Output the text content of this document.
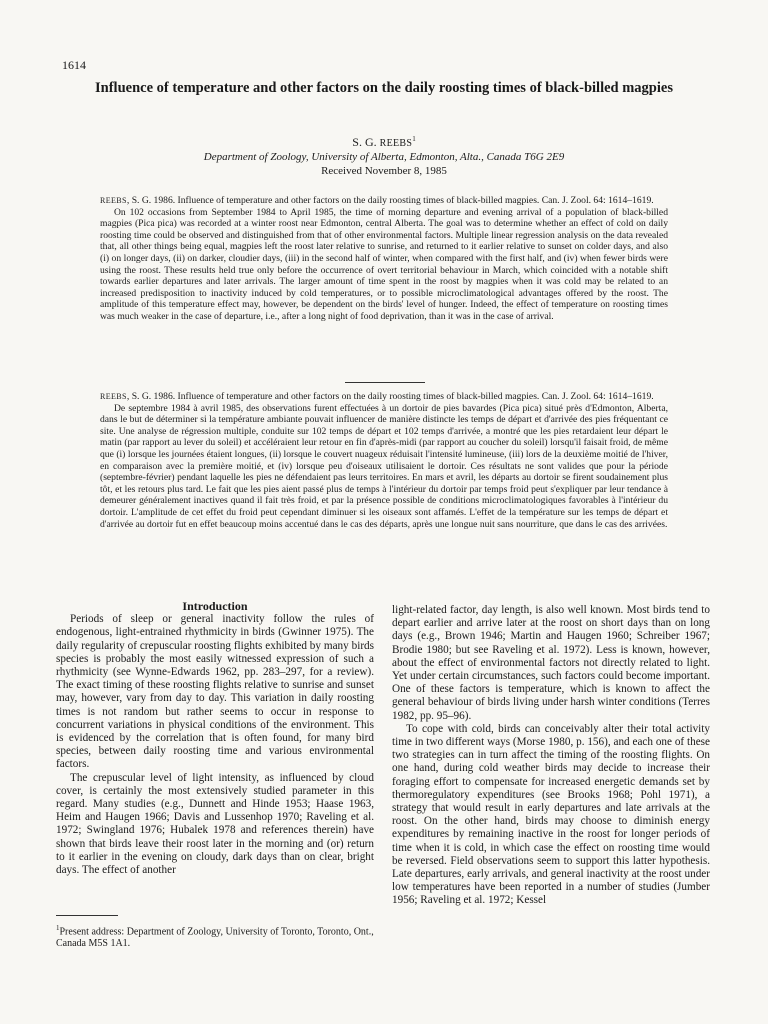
1614
Influence of temperature and other factors on the daily roosting times of black-billed magpies
S. G. REEBS$^1$
Department of Zoology, University of Alberta, Edmonton, Alta., Canada T6G 2E9
Received November 8, 1985

REEBS, S. G. 1986. Influence of temperature and other factors on the daily roosting times of black-billed magpies. Can. J. Zool. 64: 1614–1619.

On 102 occasions from September 1984 to April 1985, the time of morning departure and evening arrival of a population of black-billed magpies (Pica pica) was recorded at a winter roost near Edmonton, central Alberta. The goal was to determine whether an effect of cold on daily roosting time could be observed and distinguished from that of other environmental factors. Multiple linear regression analysis on the data revealed that, all other things being equal, magpies left the roost later relative to sunrise, and returned to it earlier relative to sunset on colder days, and also (i) on longer days, (ii) on darker, cloudier days, (iii) in the second half of winter, when compared with the first half, and (iv) when fewer birds were using the roost. These results held true only before the occurrence of overt territorial behaviour in March, which coincided with a notable shift towards earlier departures and later arrivals. The larger amount of time spent in the roost by magpies when it was cold may be related to an increased predisposition to inactivity induced by cold temperatures, or to possible microclimatological advantages offered by the roost. The amplitude of this temperature effect may, however, be dependent on the birds' level of hunger. Indeed, the effect of temperature on roosting times was much weaker in the case of departure, i.e., after a long night of food deprivation, than it was in the case of arrival.

REEBS, S. G. 1986. Influence of temperature and other factors on the daily roosting times of black-billed magpies. Can. J. Zool. 64: 1614–1619.

De septembre 1984 à avril 1985, des observations furent effectuées à un dortoir de pies bavardes (Pica pica) situé près d'Edmonton, Alberta, dans le but de déterminer si la température ambiante pouvait influencer de manière distincte les temps de départ et d'arrivée des pies fréquentant ce site. Une analyse de régression multiple, conduite sur 102 temps de départ et 102 temps d'arrivée, a montré que les pies retardaient leur départ le matin (par rapport au lever du soleil) et accéléraient leur retour en fin d'après-midi (par rapport au coucher du soleil) lorsqu'il faisait froid, de même que (i) lorsque les journées étaient longues, (ii) lorsque le couvert nuageux réduisait l'intensité lumineuse, (iii) lors de la deuxième moitié de l'hiver, en comparaison avec la première moitié, et (iv) lorsque peu d'oiseaux utilisaient le dortoir. Ces résultats ne sont valides que pour la période (septembre-février) pendant laquelle les pies ne défendaient pas leurs territoires. En mars et avril, les départs au dortoir se firent soudainement plus tôt, et les retours plus tard. Le fait que les pies aient passé plus de temps à l'intérieur du dortoir par temps froid peut s'expliquer par leur tendance à demeurer généralement inactives quand il fait très froid, et par la présence possible de conditions microclimatologiques favorables à l'intérieur du dortoir. L'amplitude de cet effet du froid peut cependant diminuer si les oiseaux sont affamés. L'effet de la température sur les temps de départ et d'arrivée au dortoir fut en effet beaucoup moins accentué dans le cas des départs, après une longue nuit sans nourriture, que dans le cas des arrivées.

Introduction

Periods of sleep or general inactivity follow the rules of endogenous, light-entrained rhythmicity in birds (Gwinner 1975). The daily regularity of crepuscular roosting flights exhibited by many birds species is probably the most easily witnessed expression of such a rhythmicity (see Wynne-Edwards 1962, pp. 283–297, for a review). The exact timing of these roosting flights relative to sunrise and sunset may, however, vary from day to day. This variation in daily roosting times is not random but rather seems to occur in response to concurrent variations in physical conditions of the environment. This is evidenced by the correlation that is often found, for many bird species, between daily roosting time and various environmental factors.

The crepuscular level of light intensity, as influenced by cloud cover, is certainly the most extensively studied parameter in this regard. Many studies (e.g., Dunnett and Hinde 1953; Haase 1963, Heim and Haugen 1966; Davis and Lussenhop 1970; Raveling et al. 1972; Swingland 1976; Hubalek 1978 and references therein) have shown that birds leave their roost later in the morning and (or) return to it earlier in the evening on cloudy, dark days than on clear, bright days. The effect of another

light-related factor, day length, is also well known. Most birds tend to depart earlier and arrive later at the roost on short days than on long days (e.g., Brown 1946; Martin and Haugen 1960; Schreiber 1967; Brodie 1980; but see Raveling et al. 1972). Less is known, however, about the effect of environmental factors not directly related to light. Yet under certain circumstances, such factors could become important. One of these factors is temperature, which is known to affect the general behaviour of birds living under harsh winter conditions (Terres 1982, pp. 95–96).

To cope with cold, birds can conceivably alter their total activity time in two different ways (Morse 1980, p. 156), and each one of these two strategies can in turn affect the timing of the roosting flights. On one hand, during cold weather birds may decide to increase their foraging effort to compensate for increased energetic demands set by thermoregulatory expenditures (see Brooks 1968; Pohl 1971), a strategy that would result in early departures and late arrivals at the roost. On the other hand, birds may choose to diminish energy expenditures by remaining inactive in the roost for longer periods of time when it is cold, in which case the effect on roosting time would be reversed. Field observations seem to support this latter hypothesis. Late departures, early arrivals, and general inactivity at the roost under low temperatures have been reported in a number of studies (Jumber 1956; Raveling et al. 1972; Kessel

$^1$Present address: Department of Zoology, University of Toronto, Toronto, Ont., Canada M5S 1A1.
